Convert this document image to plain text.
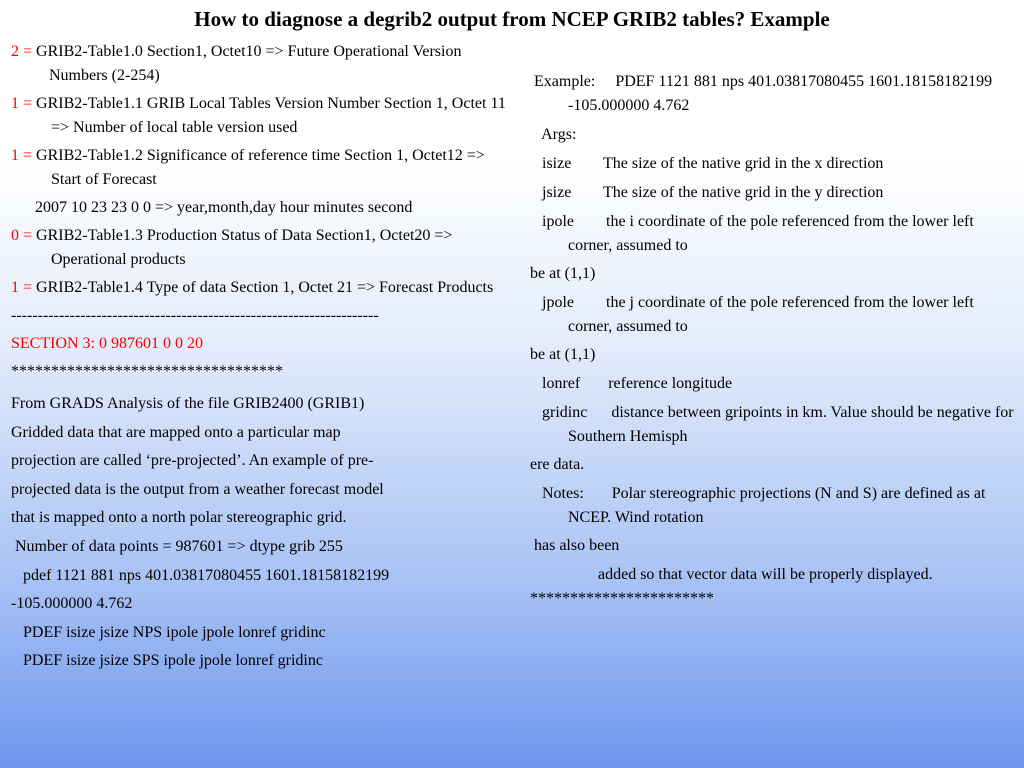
How to diagnose a degrib2 output from NCEP GRIB2 tables? Example
2 = GRIB2-Table1.0 Section1, Octet10 => Future Operational Version Numbers (2-254)
1 = GRIB2-Table1.1 GRIB Local Tables Version Number Section 1, Octet 11 => Number of local table version used
1 = GRIB2-Table1.2 Significance of reference time Section 1, Octet12 => Start of Forecast
2007 10 23 23 0 0 => year,month,day hour minutes second
0 = GRIB2-Table1.3 Production Status of Data Section1, Octet20 => Operational products
1 = GRIB2-Table1.4 Type of data Section 1, Octet 21 => Forecast Products
---------------------------------------------------------------------
SECTION 3: 0 987601 0 0 20
**********************************
From GRADS Analysis of the file GRIB2400 (GRIB1)
Gridded data that are mapped onto a particular map
projection are called ‘pre-projected’. An example of pre-
projected data is the output from a weather forecast model
that is mapped onto a north polar stereographic grid.
Number of data points = 987601 => dtype grib 255
pdef 1121 881 nps 401.03817080455 1601.18158182199
-105.000000 4.762
PDEF isize jsize NPS ipole jpole lonref gridinc
PDEF isize jsize SPS ipole jpole lonref gridinc
Example:     PDEF 1121 881 nps 401.03817080455 1601.18158182199 -105.000000 4.762
Args:
isize        The size of the native grid in the x direction
jsize        The size of the native grid in the y direction
ipole        the i coordinate of the pole referenced from the lower left corner, assumed to
be at (1,1)
jpole        the j coordinate of the pole referenced from the lower left corner, assumed to
be at (1,1)
lonref       reference longitude
gridinc      distance between gripoints in km. Value should be negative for Southern Hemisph
ere data.
Notes:       Polar stereographic projections (N and S) are defined as at NCEP. Wind rotation
has also been
added so that vector data will be properly displayed.
***********************
